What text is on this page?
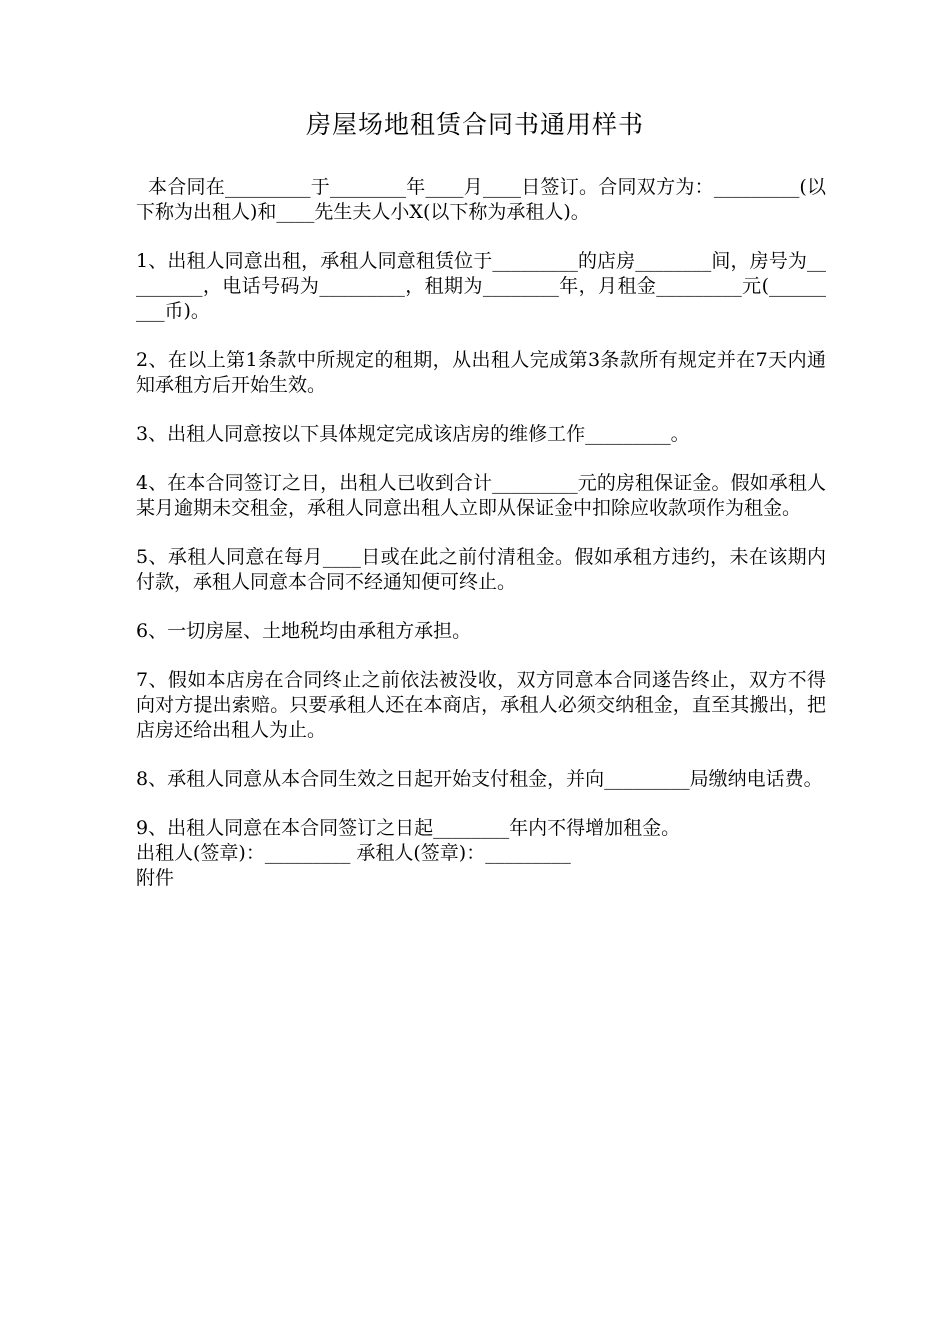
房屋场地租赁合同书通用样书

本合同在_________于________年____月____日签订。合同双方为：_________(以下称为出租人)和____先生夫人小X(以下称为承租人)。

1、出租人同意出租，承租人同意租赁位于_________的店房________间，房号为_________，电话号码为_________，租期为________年，月租金_________元(_________币)。

2、在以上第1条款中所规定的租期，从出租人完成第3条款所有规定并在7天内通知承租方后开始生效。

3、出租人同意按以下具体规定完成该店房的维修工作_________。

4、在本合同签订之日，出租人已收到合计_________元的房租保证金。假如承租人某月逾期未交租金，承租人同意出租人立即从保证金中扣除应收款项作为租金。

5、承租人同意在每月____日或在此之前付清租金。假如承租方违约，未在该期内付款，承租人同意本合同不经通知便可终止。

6、一切房屋、土地税均由承租方承担。

7、假如本店房在合同终止之前依法被没收，双方同意本合同遂告终止，双方不得向对方提出索赔。只要承租人还在本商店，承租人必须交纳租金，直至其搬出，把店房还给出租人为止。

8、承租人同意从本合同生效之日起开始支付租金，并向_________局缴纳电话费。

9、出租人同意在本合同签订之日起________年内不得增加租金。

出租人(签章)：_________ 承租人(签章)：_________

附件
